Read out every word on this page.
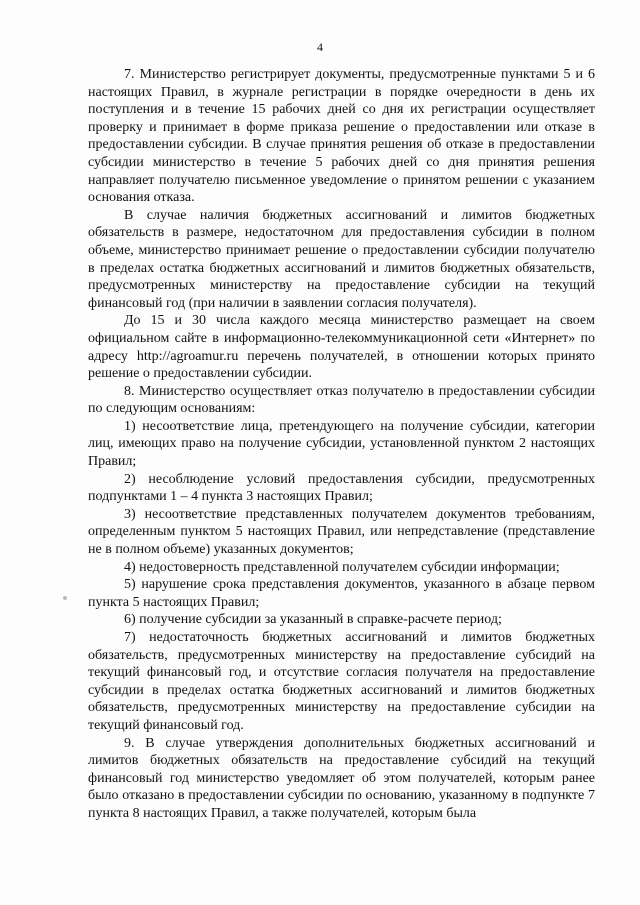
4

7. Министерство регистрирует документы, предусмотренные пунктами 5 и 6 настоящих Правил, в журнале регистрации в порядке очередности в день их поступления и в течение 15 рабочих дней со дня их регистрации осуществляет проверку и принимает в форме приказа решение о предоставлении или отказе в предоставлении субсидии. В случае принятия решения об отказе в предоставлении субсидии министерство в течение 5 рабочих дней со дня принятия решения направляет получателю письменное уведомление о принятом решении с указанием основания отказа.

В случае наличия бюджетных ассигнований и лимитов бюджетных обязательств в размере, недостаточном для предоставления субсидии в полном объеме, министерство принимает решение о предоставлении субсидии получателю в пределах остатка бюджетных ассигнований и лимитов бюджетных обязательств, предусмотренных министерству на предоставление субсидии на текущий финансовый год (при наличии в заявлении согласия получателя).

До 15 и 30 числа каждого месяца министерство размещает на своем официальном сайте в информационно-телекоммуникационной сети «Интернет» по адресу http://agroamur.ru перечень получателей, в отношении которых принято решение о предоставлении субсидии.

8. Министерство осуществляет отказ получателю в предоставлении субсидии по следующим основаниям:

1) несоответствие лица, претендующего на получение субсидии, категории лиц, имеющих право на получение субсидии, установленной пунктом 2 настоящих Правил;

2) несоблюдение условий предоставления субсидии, предусмотренных подпунктами 1 – 4 пункта 3 настоящих Правил;

3) несоответствие представленных получателем документов требованиям, определенным пунктом 5 настоящих Правил, или непредставление (представление не в полном объеме) указанных документов;

4) недостоверность представленной получателем субсидии информации;

5) нарушение срока представления документов, указанного в абзаце первом пункта 5 настоящих Правил;

6) получение субсидии за указанный в справке-расчете период;

7) недостаточность бюджетных ассигнований и лимитов бюджетных обязательств, предусмотренных министерству на предоставление субсидий на текущий финансовый год, и отсутствие согласия получателя на предоставление субсидии в пределах остатка бюджетных ассигнований и лимитов бюджетных обязательств, предусмотренных министерству на предоставление субсидии на текущий финансовый год.

9. В случае утверждения дополнительных бюджетных ассигнований и лимитов бюджетных обязательств на предоставление субсидий на текущий финансовый год министерство уведомляет об этом получателей, которым ранее было отказано в предоставлении субсидии по основанию, указанному в подпункте 7 пункта 8 настоящих Правил, а также получателей, которым была
